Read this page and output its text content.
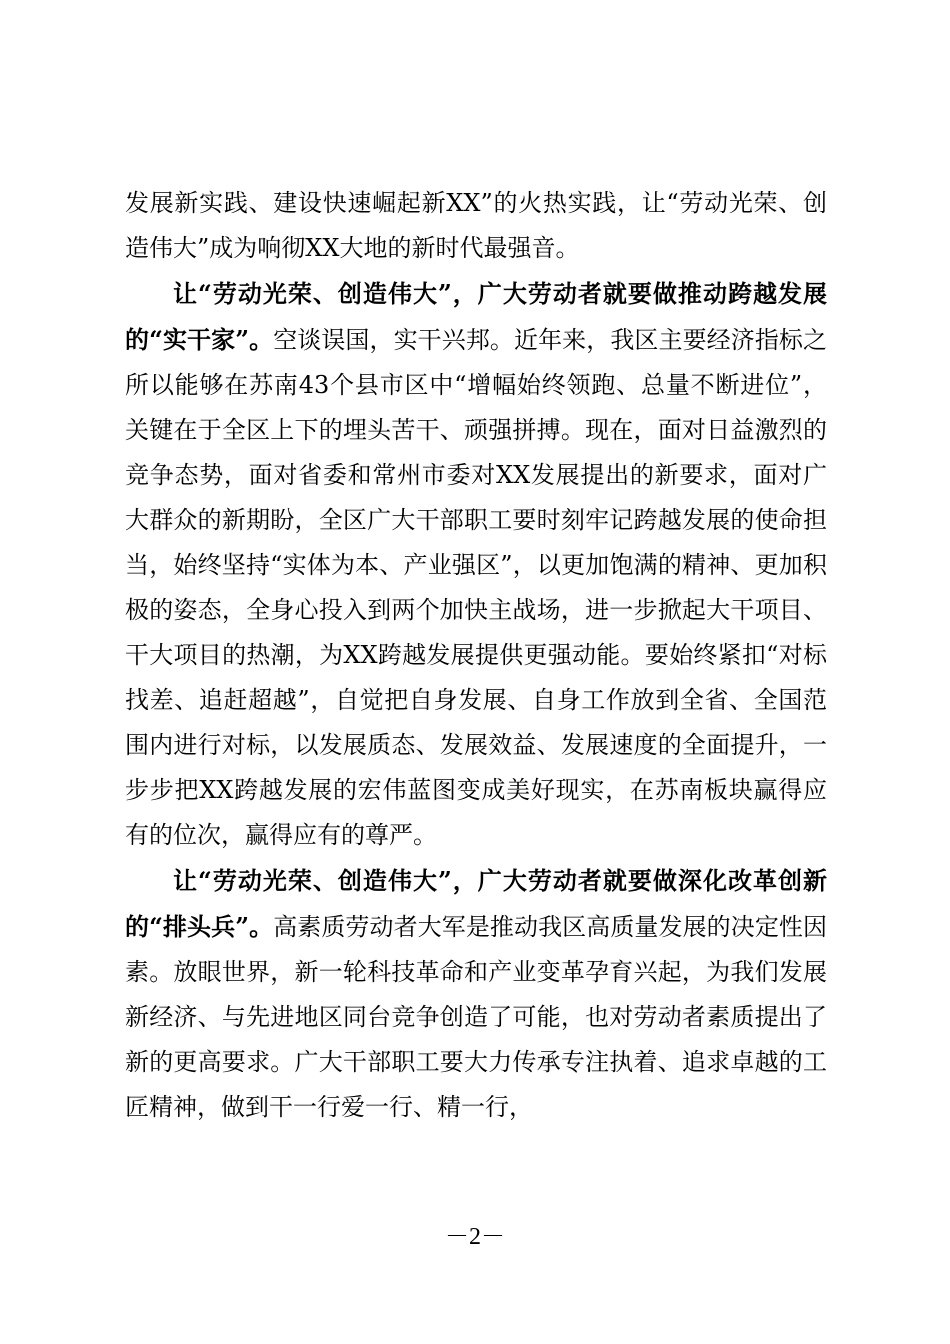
发展新实践、建设快速崛起新XX”的火热实践，让“劳动光荣、创造伟大”成为响彻XX大地的新时代最强音。

让“劳动光荣、创造伟大”，广大劳动者就要做推动跨越发展的“实干家”。空谈误国，实干兴邦。近年来，我区主要经济指标之所以能够在苏南43个县市区中“增幅始终领跑、总量不断进位”，关键在于全区上下的埋头苦干、顽强拼搏。现在，面对日益激烈的竞争态势，面对省委和常州市委对XX发展提出的新要求，面对广大群众的新期盼，全区广大干部职工要时刻牢记跨越发展的使命担当，始终坚持“实体为本、产业强区”，以更加饱满的精神、更加积极的姿态，全身心投入到两个加快主战场，进一步掀起大干项目、干大项目的热潮，为XX跨越发展提供更强动能。要始终紧扣“对标找差、追赶超越”，自觉把自身发展、自身工作放到全省、全国范围内进行对标，以发展质态、发展效益、发展速度的全面提升，一步步把XX跨越发展的宏伟蓝图变成美好现实，在苏南板块赢得应有的位次，赢得应有的尊严。

让“劳动光荣、创造伟大”，广大劳动者就要做深化改革创新的“排头兵”。高素质劳动者大军是推动我区高质量发展的决定性因素。放眼世界，新一轮科技革命和产业变革孕育兴起，为我们发展新经济、与先进地区同台竞争创造了可能，也对劳动者素质提出了新的更高要求。广大干部职工要大力传承专注执着、追求卓越的工匠精神，做到干一行爱一行、精一行，

－2－
